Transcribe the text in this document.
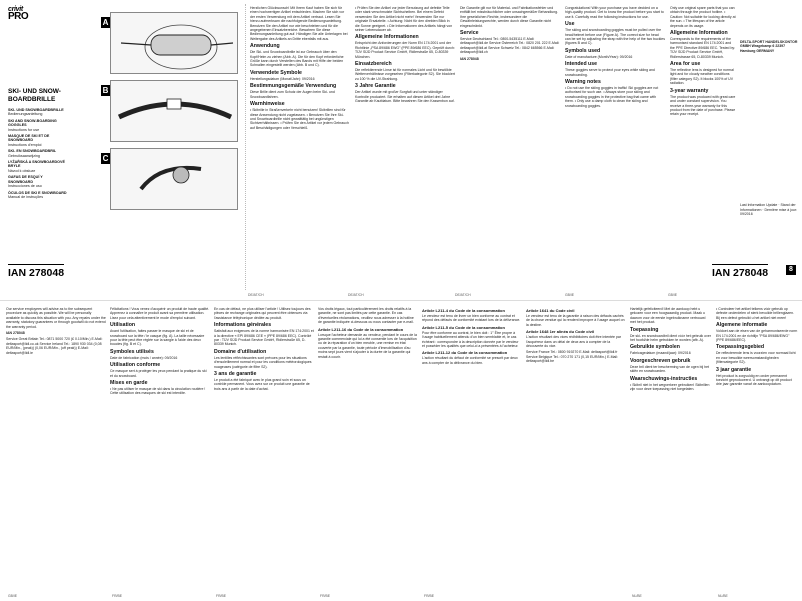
crivit
PRO
SKI- UND SNOW-BOARDBRILLE
SKI- UND SNOWBOARDBRILLE
Bedienungsanleitung
SKI AND SNOW-BOARDING GOGGLES
Instructions for use
MASQUE DE SKI ET DE SNOWBOARD
Instructions d'emploi
SKI- EN SNOWBOARDBRIL
Gebruiksaanwijzing
LYŽAŘSKÁ A SNOWBOARDOVÉ BRÝLE
Návod k obsluze
GAFAS DE ESQUÍ Y SNOWBOARD
Instrucciones de uso
ÓCULOS DE SKI E SNOWBOARD
Manual de instruções
IAN 278048
A
B
C

Herzlichen Glückwunsch! Mit Ihrem Kauf haben Sie sich für einen hochwertigen Artikel entschieden. Machen Sie sich vor der ersten Verwendung mit dem Artikel vertraut. Lesen Sie hierzu aufmerksam die nachfolgende Bedienungsanleitung. Benutzen Sie den Artikel nur wie beschrieben und für die angegebenen Einsatzbereiche. Bewahren Sie diese Bedienungsanleitung gut auf. Händigen Sie alle Unterlagen bei Weitergabe des Artikels an Dritte ebenfalls mit aus.

Anwendung

Die Ski- und Snowboardbrille ist zur Gebrauch über den Kopf/Helm zu ziehen (Abb. A). Die für den Kopf erforderliche Größe kann durch Verstellen des Bands mit Hilfe der beiden Schnallen eingestellt werden (Abb. B und C).

Verwendete Symbole

Herstellungsdatum (Monat/Jahr): 09/2016

Bestimmungsgemäße Verwendung

Diese Brille dient zum Schutz der Augen beim Ski- und Snowboardfahren.

Warnhinweise

• Skibrille in Straßenverkehr nicht benutzen! Skibrillen sind für diese Anwendung nicht zugelassen. • Benutzen Sie Ihre Ski- und Snowboardbrille nicht gewalttätig bei ungünstigen Sichtverhältnissen. • Prüfen Sie den Artikel vor jedem Gebrauch auf Beschädigungen oder Verschleiß.

• Prüfen Sie den Artikel vor jeder Benutzung auf defekte Teile oder stark verschmutzte Sichtscheiben. Bei einem Defekt verwenden Sie den Artikel nicht mehr! Verwenden Sie nur originale Ersatzteile. • Achtung: Nicht für den direkten Blick in die Sonne geeignet. • Die Informationen des Artikels hängt von seiner Lebensdauer ab.

Allgemeine Informationen

Entspricht den Anforderungen der Norm EN 174:2001 und der Richtlinie „PSA 89/686 EWG" (PPE 89/686 EEC). Geprüft durch: TÜV SÜD Product Service GmbH, Ridlerstraße 65, D-80339 München.

Einsatzbereich

Die reflektierende Linse ist für normales Licht und für bewölkte Wetterverhältnisse vorgesehen (Filterkategorie S2). Sie blockiert zu 100 % die UV-Strahlung.

3 Jahre Garantie

Der Artikel wurde mit großer Sorgfalt und unter ständiger Kontrolle produziert. Sie erhalten auf diesen Artikel drei Jahre Garantie ab Kaufdatum. Bitte bewahren Sie den Kassenbon auf.

Die Garantie gilt nur für Material- und Fabrikationsfehler und entfällt bei missbräuchlicher oder unsachgemäßer Behandlung. Ihre gesetzlichen Rechte, insbesondere die Gewährleistungsrechte, werden durch diese Garantie nicht eingeschränkt.

Service

Service Deutschland Tel.: 0800-5435111 E-Mail: deltasport@lidl.de Service Österreich Tel.: 0820 201 222 E-Mail: deltasport@lidl.at Service Schweiz Tel.: 0842 665566 E-Mail: deltasport@lidl.ch

IAN 278048

Congratulations! With your purchase you have decided on a high-quality product. Get to know the product before you start to use it. Carefully read the following instructions for use.

Use

The skiing and snowboarding goggles must be pulled over the head/helmet before use (Figure A). The correct size for head can be set by adjusting the strap with the help of the two buckles (figures B and C).

Symbols used

Date of manufacture (Month/Year): 09/2016

Intended use

These goggles serve to protect your eyes while skiing and snowboarding.

Warning notes

• Do not use the skiing goggles in traffic! Ski goggles are not authorised for such use. • Always store your skiing and snowboarding goggles in the protective bag that came with them. • Only use a damp cloth to clean the skiing and snowboarding goggles.

Only use original spare parts that you can obtain through the product hotline. • Caution: Not suitable for looking directly at the sun. • The lifespan of the article depends on its usage.

Allgemeine Information

Corresponds to the requirements of the harmonised standard EN 174:2001 and the PPE Directive 89/686 EEC. Tested by: TÜV SÜD Product Service GmbH, Ridlerstrasse 65, D-80339 Munich.

Area for use

The reflective lens is designed for normal light and for cloudy weather conditions (filter category S2). It blocks 100% of UV radiation.

3-year warranty

The product was produced with great care and under constant supervision. You receive a three-year warranty for this product from the date of purchase. Please retain your receipt.

DELTA-SPORT HANDELSKONTOR GMBH Wragekamp 6 22397 Hamburg GERMANY

Last Information Update · Stand der Informationen · Dernière mise à jour: 09/2016

IAN 278048	8
DE/AT/CH	DE/AT/CH	DE/AT/CH	GB/IE	GB/IE

Our service employees will advise as to the subsequent procedure as quickly as possible. We will be personally available to discuss this situation with you. Any repairs under the warranty, statutory guarantees or through goodwill do not extend the warranty period.

IAN 278048

Service Great Britain Tel.: 0871 5000 720 (£ 0.10/Min.) E-Mail: deltasport@lidl.co.uk Service Ireland Tel.: 1890 930 034 (0,08 EUR/Min., (peak)) (0,06 EUR/Min., (off peak)) E-Mail: deltasport@lidl.ie

Félicitations ! Vous venez d'acquérir un produit de haute qualité. Apprenez à connaître le produit avant sa première utilisation. Lisez pour cela attentivement le mode d'emploi suivant.

Utilisation

Avant l'utilisation, faites passer le masque de ski et de snowboard sur la tête / le casque (fig. A). La taille nécessaire pour la tête peut être réglée sur la sangle à l'aide des deux boucles (fig. B et C).

Symboles utilisés

Date de fabrication (mois / année): 09/2016

Utilisation conforme

Ce masque sert à protéger les yeux pendant la pratique du ski et du snowboard.

Mises en garde

• Ne pas utiliser le masque de ski dans la circulation routière ! Cette utilisation des masques de ski est interdite.

En cas de défaut, ne plus utiliser l'article ! Utilisez toujours des pièces de rechange originales qui peuvent être obtenues via l'assistance téléphonique dédiée au produit.

Informations générales

Satisfait aux exigences de la norme harmonisée EN 174:2001 et à la directive « EPI 89/686 CEE » (PPE 89/686 EEC). Contrôlé par : TÜV SÜD Product Service GmbH, Ridlerstraße 65, D-80339 Munich.

Domaine d'utilisation

Les lentilles réfléchissantes sont prévues pour les situations d'ensoleillement normal et pour les conditions météorologiques nuageuses (catégorie de filtre S2).

3 ans de garantie

Le produit a été fabriqué avec le plus grand soin et sous un contrôle permanent. Vous avez sur ce produit une garantie de trois ans à partir de la date d'achat.

Vos droits légaux, tout particulièrement les droits relatifs à la garantie, ne sont pas limités par cette garantie. En cas d'éventuelles réclamations, veuillez nous adresser à la hotline de garantie indiquée ci-dessous ou nous contacter par e-mail.

Article L211-16 du Code de la consommation

Lorsque l'acheteur demande au vendeur, pendant le cours de la garantie commerciale qui lui a été consentie lors de l'acquisition ou de la réparation d'un bien meuble, une remise en état couverte par la garantie, toute période d'immobilisation d'au moins sept jours vient s'ajouter à la durée de la garantie qui restait à courir.

Article L211-4 du Code de la consommation

Le vendeur est tenu de livrer un bien conforme au contrat et répond des défauts de conformité existant lors de la délivrance.

Article L211-5 du Code de la consommation

Pour être conforme au contrat, le bien doit : 1° Être propre à l'usage habituellement attendu d'un bien semblable et, le cas échéant : correspondre à la description donnée par le vendeur et posséder les qualités que celui-ci a présentées à l'acheteur.

Article L211-12 du Code de la consommation

L'action résultant du défaut de conformité se prescrit par deux ans à compter de la délivrance du bien.

Article 1641 du Code civil

Le vendeur est tenu de la garantie à raison des défauts cachés de la chose vendue qui la rendent impropre à l'usage auquel on la destine.

Article 1648 1er alinéa du Code civil

L'action résultant des vices rédhibitoires doit être intentée par l'acquéreur dans un délai de deux ans à compter de la découverte du vice.

Service France Tel.: 0800 919270 E-Mail: deltasport@lidl.fr Service Belgique Tel.: 070 270 171 (0,15 EUR/Min.) E-Mail: deltasport@lidl.be

Hartelijk gefeliciteerd! Met de aankoop hebt u gekozen voor een hoogwaardig product. Maak u daarom voor de eerste ingebruikname vertrouwd met het product.

Toepassing

De ski- en snowboardbril dient vóór het gebruik over het hoofd/de helm getrokken te worden (afb. A).

Gebruikte symbolen

Fabricagedatum (maand/jaar): 09/2016

Voorgeschreven gebruik

Deze bril dient ter bescherming van de ogen bij het skiën en snowboarden.

Waarschuwings-instructies

• Skibril niet in het wegverkeer gebruiken! Skibrillen zijn voor deze toepassing niet toegelaten.

• Controleer het artikel telkens vóór gebruik op defecte onderdelen of sterk bevuilde brillenglazen. Bij een defect gebruikt u het artikel niet meer!

Algemene informatie

Voldoet aan de eisen van de geharmoniseerde norm EN 174:2001 en de richtlijn "PSA 89/686/EWG" (PPE 89/686/EEC).

Toepassingsgebied

De reflecterende lens is voorzien voor normaal licht en voor bewolkte weersomstandigheden (filtercategorie S2).

3 jaar garantie

Het product is zorgvuldig en onder permanent toezicht geproduceerd. U ontvangt op dit product drie jaar garantie vanaf de aankoopdatum.

GB/IE	FR/BE	FR/BE	FR/BE	FR/BE	NL/BE	NL/BE
